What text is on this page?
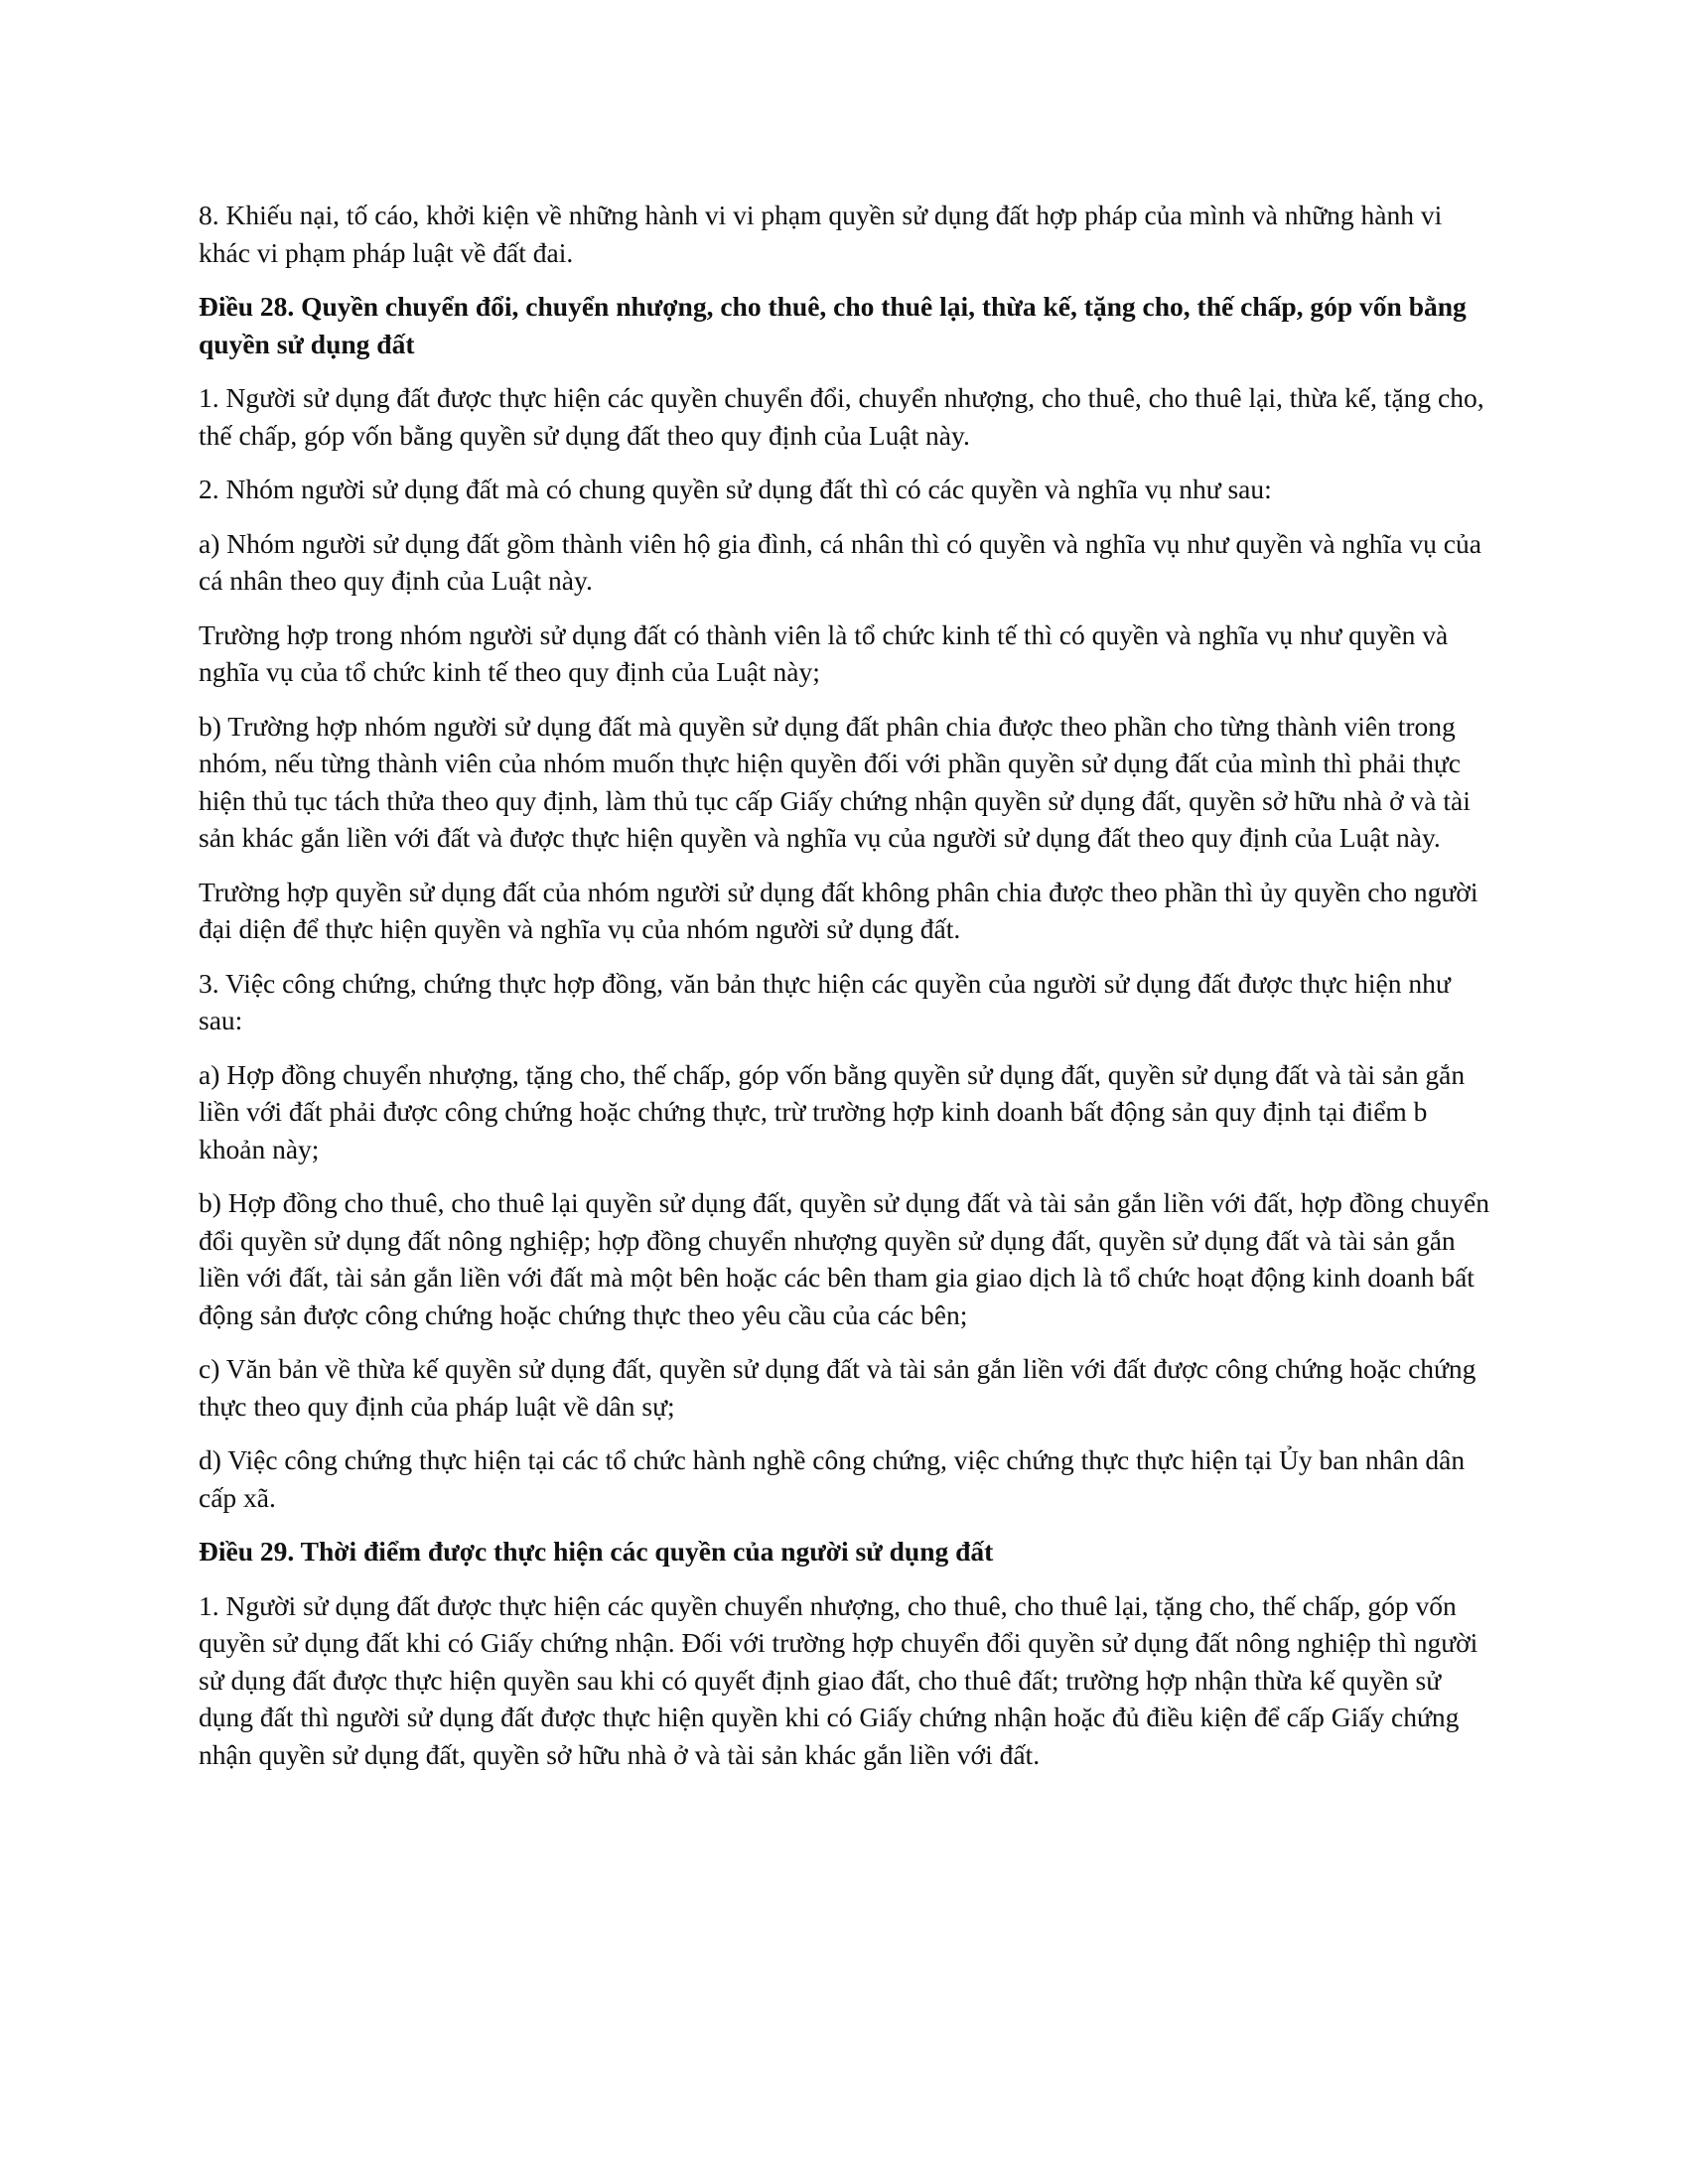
8. Khiếu nại, tố cáo, khởi kiện về những hành vi vi phạm quyền sử dụng đất hợp pháp của mình và những hành vi khác vi phạm pháp luật về đất đai.

Điều 28. Quyền chuyển đổi, chuyển nhượng, cho thuê, cho thuê lại, thừa kế, tặng cho, thế chấp, góp vốn bằng quyền sử dụng đất

1. Người sử dụng đất được thực hiện các quyền chuyển đổi, chuyển nhượng, cho thuê, cho thuê lại, thừa kế, tặng cho, thế chấp, góp vốn bằng quyền sử dụng đất theo quy định của Luật này.

2. Nhóm người sử dụng đất mà có chung quyền sử dụng đất thì có các quyền và nghĩa vụ như sau:

a) Nhóm người sử dụng đất gồm thành viên hộ gia đình, cá nhân thì có quyền và nghĩa vụ như quyền và nghĩa vụ của cá nhân theo quy định của Luật này.

Trường hợp trong nhóm người sử dụng đất có thành viên là tổ chức kinh tế thì có quyền và nghĩa vụ như quyền và nghĩa vụ của tổ chức kinh tế theo quy định của Luật này;

b) Trường hợp nhóm người sử dụng đất mà quyền sử dụng đất phân chia được theo phần cho từng thành viên trong nhóm, nếu từng thành viên của nhóm muốn thực hiện quyền đối với phần quyền sử dụng đất của mình thì phải thực hiện thủ tục tách thửa theo quy định, làm thủ tục cấp Giấy chứng nhận quyền sử dụng đất, quyền sở hữu nhà ở và tài sản khác gắn liền với đất và được thực hiện quyền và nghĩa vụ của người sử dụng đất theo quy định của Luật này.

Trường hợp quyền sử dụng đất của nhóm người sử dụng đất không phân chia được theo phần thì ủy quyền cho người đại diện để thực hiện quyền và nghĩa vụ của nhóm người sử dụng đất.

3. Việc công chứng, chứng thực hợp đồng, văn bản thực hiện các quyền của người sử dụng đất được thực hiện như sau:

a) Hợp đồng chuyển nhượng, tặng cho, thế chấp, góp vốn bằng quyền sử dụng đất, quyền sử dụng đất và tài sản gắn liền với đất phải được công chứng hoặc chứng thực, trừ trường hợp kinh doanh bất động sản quy định tại điểm b khoản này;

b) Hợp đồng cho thuê, cho thuê lại quyền sử dụng đất, quyền sử dụng đất và tài sản gắn liền với đất, hợp đồng chuyển đổi quyền sử dụng đất nông nghiệp; hợp đồng chuyển nhượng quyền sử dụng đất, quyền sử dụng đất và tài sản gắn liền với đất, tài sản gắn liền với đất mà một bên hoặc các bên tham gia giao dịch là tổ chức hoạt động kinh doanh bất động sản được công chứng hoặc chứng thực theo yêu cầu của các bên;

c) Văn bản về thừa kế quyền sử dụng đất, quyền sử dụng đất và tài sản gắn liền với đất được công chứng hoặc chứng thực theo quy định của pháp luật về dân sự;

d) Việc công chứng thực hiện tại các tổ chức hành nghề công chứng, việc chứng thực thực hiện tại Ủy ban nhân dân cấp xã.

Điều 29. Thời điểm được thực hiện các quyền của người sử dụng đất

1. Người sử dụng đất được thực hiện các quyền chuyển nhượng, cho thuê, cho thuê lại, tặng cho, thế chấp, góp vốn quyền sử dụng đất khi có Giấy chứng nhận. Đối với trường hợp chuyển đổi quyền sử dụng đất nông nghiệp thì người sử dụng đất được thực hiện quyền sau khi có quyết định giao đất, cho thuê đất; trường hợp nhận thừa kế quyền sử dụng đất thì người sử dụng đất được thực hiện quyền khi có Giấy chứng nhận hoặc đủ điều kiện để cấp Giấy chứng nhận quyền sử dụng đất, quyền sở hữu nhà ở và tài sản khác gắn liền với đất.
